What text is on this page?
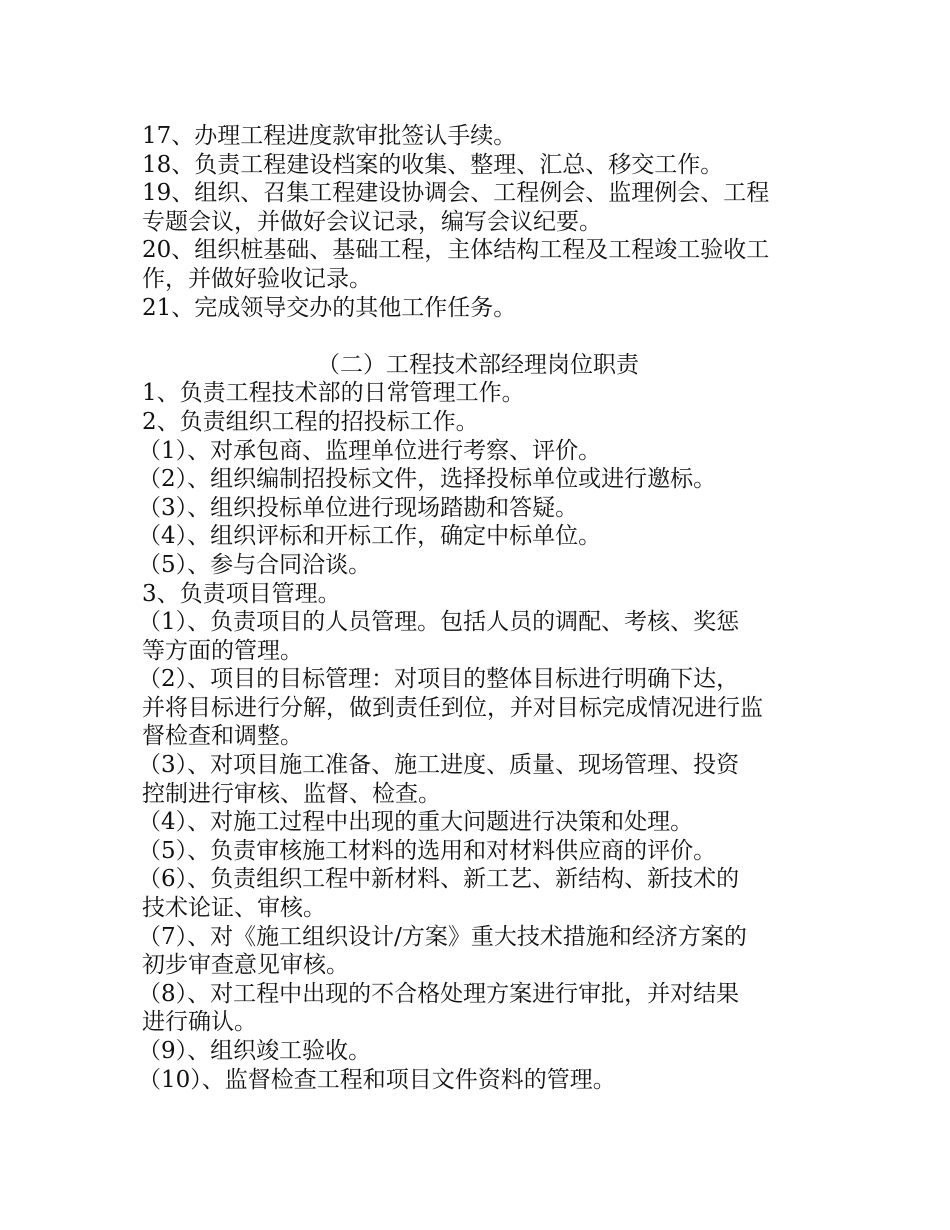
17、办理工程进度款审批签认手续。
18、负责工程建设档案的收集、整理、汇总、移交工作。
19、组织、召集工程建设协调会、工程例会、监理例会、工程
专题会议，并做好会议记录，编写会议纪要。
20、组织桩基础、基础工程，主体结构工程及工程竣工验收工
作，并做好验收记录。
21、完成领导交办的其他工作任务。
（二）工程技术部经理岗位职责
1、负责工程技术部的日常管理工作。
2、负责组织工程的招投标工作。
（1）、对承包商、监理单位进行考察、评价。
（2）、组织编制招投标文件，选择投标单位或进行邀标。
（3）、组织投标单位进行现场踏勘和答疑。
（4）、组织评标和开标工作，确定中标单位。
（5）、参与合同洽谈。
3、负责项目管理。
（1）、负责项目的人员管理。包括人员的调配、考核、奖惩
等方面的管理。
（2）、项目的目标管理：对项目的整体目标进行明确下达，
并将目标进行分解，做到责任到位，并对目标完成情况进行监
督检查和调整。
（3）、对项目施工准备、施工进度、质量、现场管理、投资
控制进行审核、监督、检查。
（4）、对施工过程中出现的重大问题进行决策和处理。
（5）、负责审核施工材料的选用和对材料供应商的评价。
（6）、负责组织工程中新材料、新工艺、新结构、新技术的
技术论证、审核。
（7）、对《施工组织设计/方案》重大技术措施和经济方案的
初步审查意见审核。
（8）、对工程中出现的不合格处理方案进行审批，并对结果
进行确认。
（9）、组织竣工验收。
（10）、监督检查工程和项目文件资料的管理。
